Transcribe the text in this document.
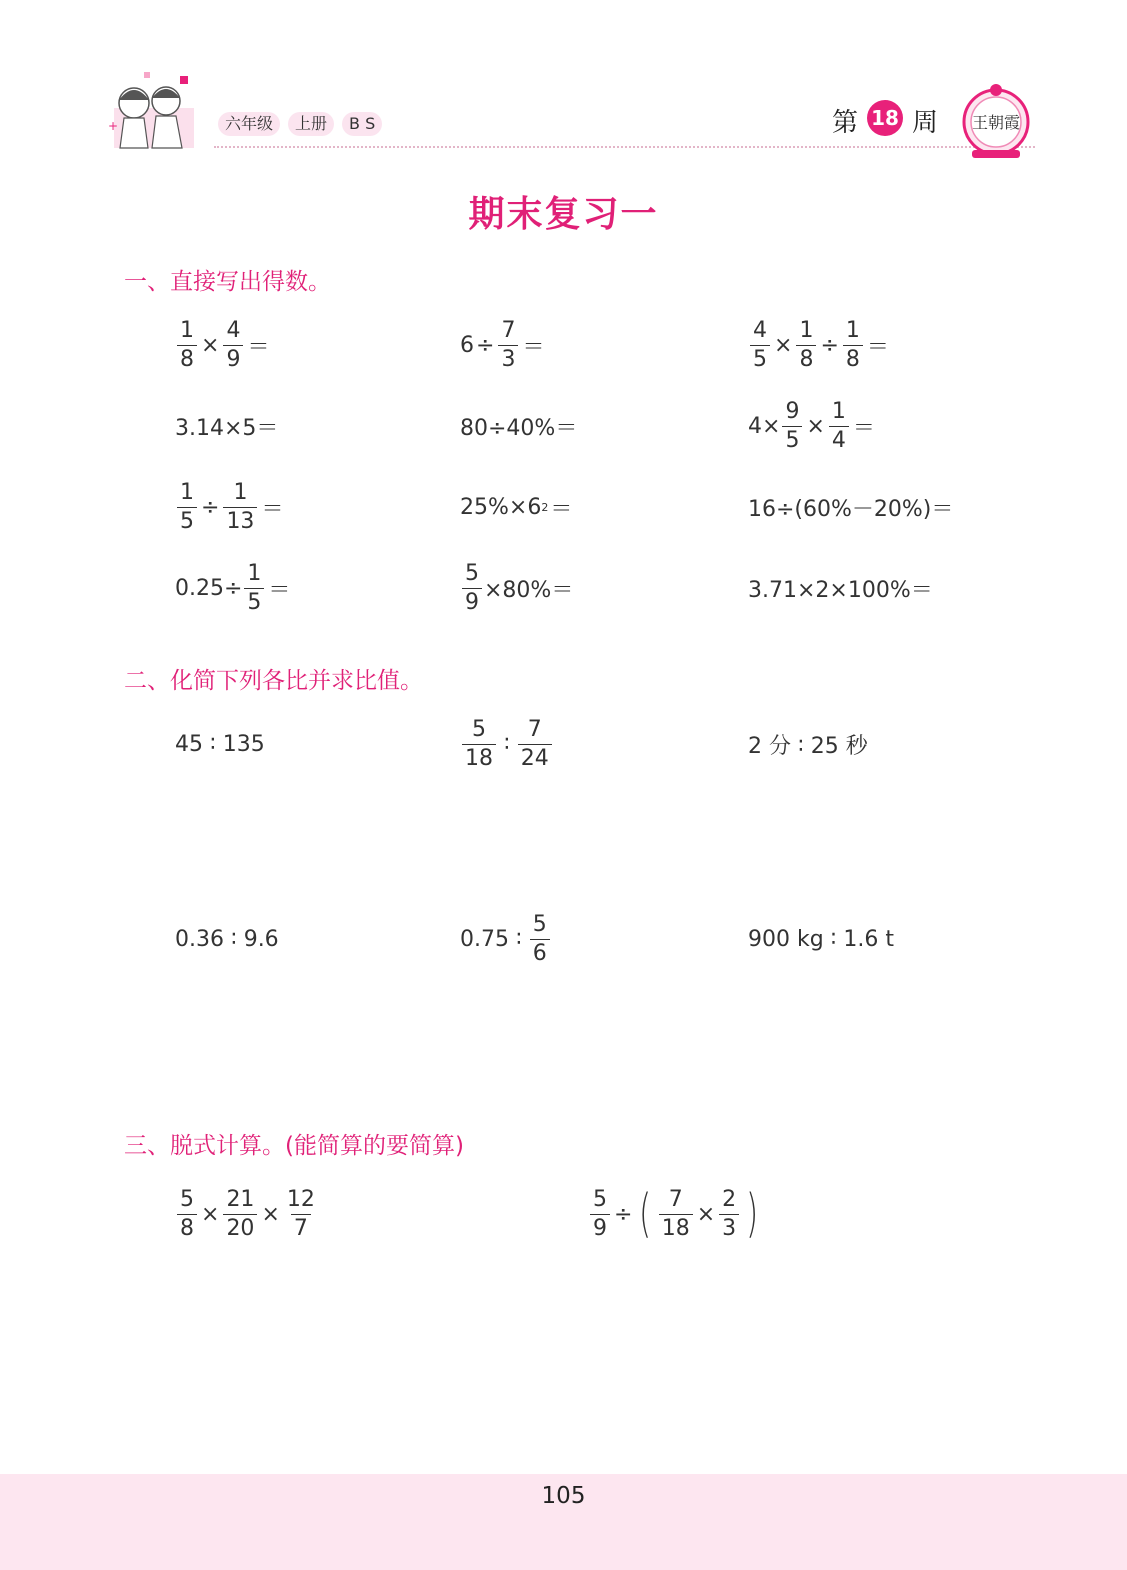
+	六年级	上册	B S	第 18 周 王朝霞
期末复习一
一、直接写出得数。
$\frac{1}{8} \times \frac{4}{9}$ ＝	$6 \div \frac{7}{3}$ ＝	$\frac{4}{5} \times \frac{1}{8} \div \frac{1}{8}$ ＝
3.14×5＝	80÷40%＝	$4\times \frac{9}{5} \times \frac{1}{4}$ ＝
$\frac{1}{5} \div \frac{1}{13}$ ＝	25%×6 2 ＝	16÷(60%－20%)＝
$0.25\div \frac{1}{5}$ ＝	$\frac{5}{9} \times 80\%=$	3.71×2×100%＝
二、化简下列各比并求比值。
45 ∶ 135	$\frac{5}{18}$ ∶ $\frac{7}{24}$	2 分 ∶ 25 秒
0.36 ∶ 9.6	0.75 ∶ $\frac{5}{6}$	900 kg ∶ 1.6 t
三、脱式计算。(能简算的要简算)
$\frac{5}{8} \times \frac{21}{20} \times \frac{12}{7}$	$\frac{5}{9}$ ÷ ( $\frac{7}{18} \times \frac{2}{3}$ )
105
